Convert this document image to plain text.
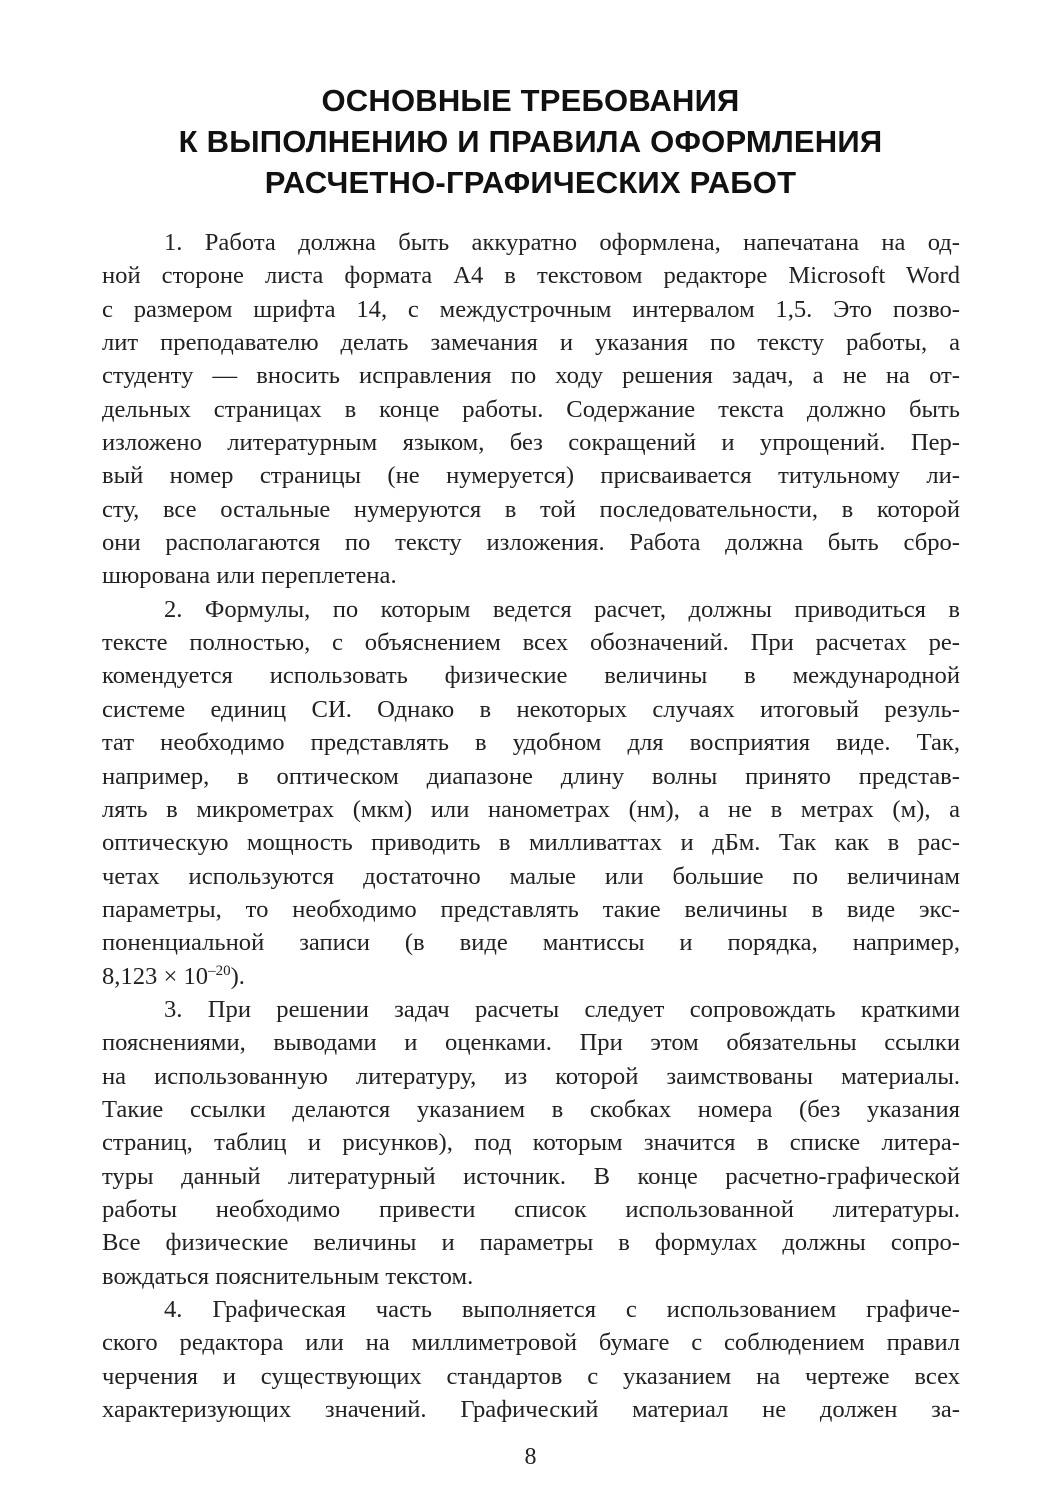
ОСНОВНЫЕ ТРЕБОВАНИЯ
К ВЫПОЛНЕНИЮ И ПРАВИЛА ОФОРМЛЕНИЯ
РАСЧЕТНО-ГРАФИЧЕСКИХ РАБОТ

1. Работа должна быть аккуратно оформлена, напечатана на од-
ной стороне листа формата А4 в текстовом редакторе Microsoft Word
с размером шрифта 14, с междустрочным интервалом 1,5. Это позво-
лит преподавателю делать замечания и указания по тексту работы, а
студенту — вносить исправления по ходу решения задач, а не на от-
дельных страницах в конце работы. Содержание текста должно быть
изложено литературным языком, без сокращений и упрощений. Пер-
вый номер страницы (не нумеруется) присваивается титульному ли-
сту, все остальные нумеруются в той последовательности, в которой
они располагаются по тексту изложения. Работа должна быть сбро-
шюрована или переплетена.

2. Формулы, по которым ведется расчет, должны приводиться в
тексте полностью, с объяснением всех обозначений. При расчетах ре-
комендуется использовать физические величины в международной
системе единиц СИ. Однако в некоторых случаях итоговый резуль-
тат необходимо представлять в удобном для восприятия виде. Так,
например, в оптическом диапазоне длину волны принято представ-
лять в микрометрах (мкм) или нанометрах (нм), а не в метрах (м), а
оптическую мощность приводить в милливаттах и дБм. Так как в рас-
четах используются достаточно малые или большие по величинам
параметры, то необходимо представлять такие величины в виде экс-
поненциальной записи (в виде мантиссы и порядка, например,
$8,123 \times 10^{-20}$).

3. При решении задач расчеты следует сопровождать краткими
пояснениями, выводами и оценками. При этом обязательны ссылки
на использованную литературу, из которой заимствованы материалы.
Такие ссылки делаются указанием в скобках номера (без указания
страниц, таблиц и рисунков), под которым значится в списке литера-
туры данный литературный источник. В конце расчетно-графической
работы необходимо привести список использованной литературы.
Все физические величины и параметры в формулах должны сопро-
вождаться пояснительным текстом.

4. Графическая часть выполняется с использованием графиче-
ского редактора или на миллиметровой бумаге с соблюдением правил
черчения и существующих стандартов с указанием на чертеже всех
характеризующих значений. Графический материал не должен за-

8
